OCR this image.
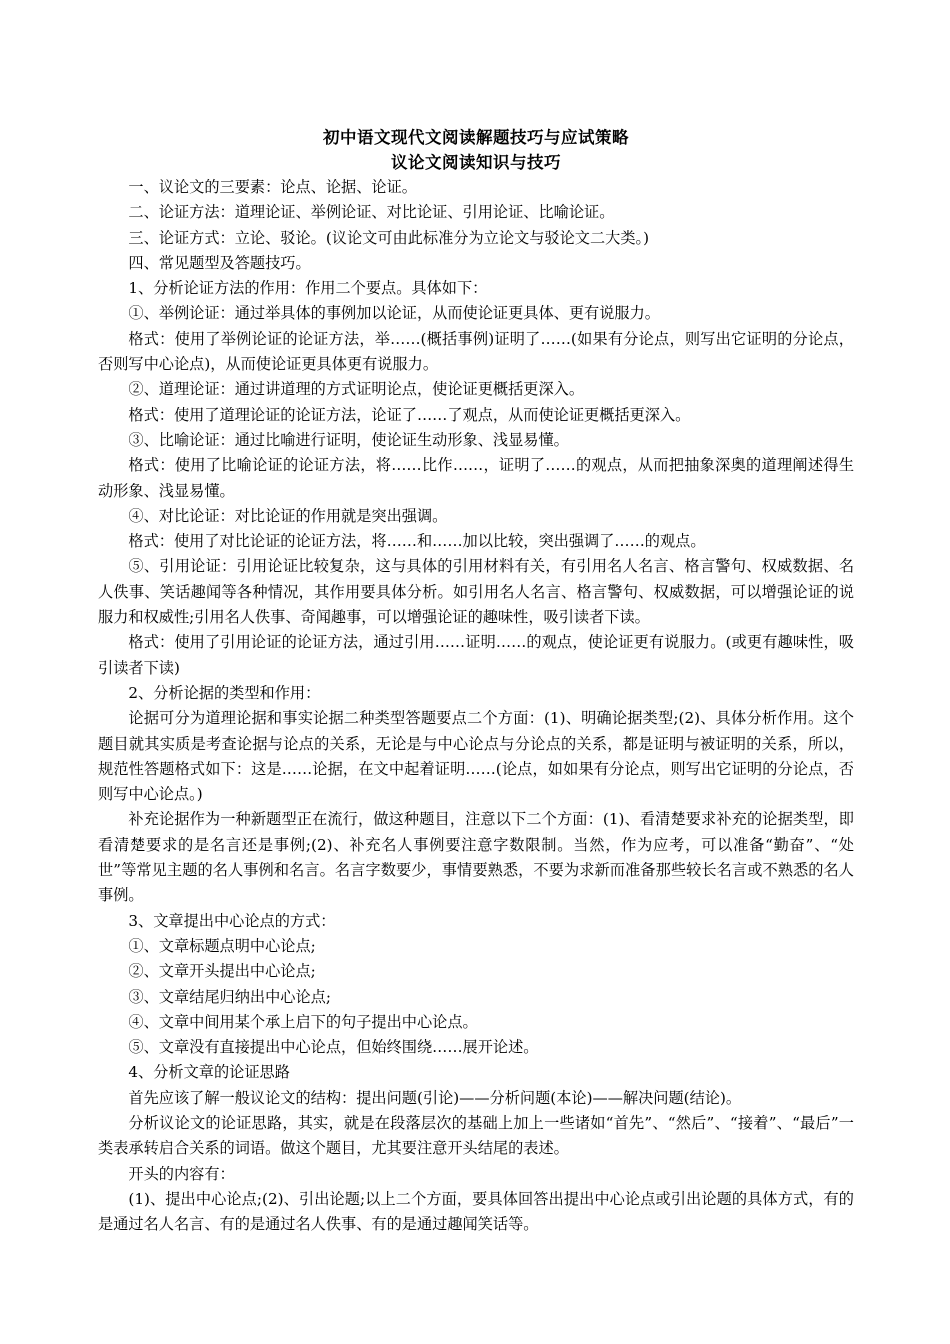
初中语文现代文阅读解题技巧与应试策略

议论文阅读知识与技巧

一、议论文的三要素：论点、论据、论证。

二、论证方法：道理论证、举例论证、对比论证、引用论证、比喻论证。

三、论证方式：立论、驳论。(议论文可由此标准分为立论文与驳论文二大类。)

四、常见题型及答题技巧。

1、分析论证方法的作用：作用二个要点。具体如下：

①、举例论证：通过举具体的事例加以论证，从而使论证更具体、更有说服力。

格式：使用了举例论证的论证方法，举……(概括事例)证明了……(如果有分论点，则写出它证明的分论点，否则写中心论点)，从而使论证更具体更有说服力。

②、道理论证：通过讲道理的方式证明论点，使论证更概括更深入。

格式：使用了道理论证的论证方法，论证了……了观点，从而使论证更概括更深入。

③、比喻论证：通过比喻进行证明，使论证生动形象、浅显易懂。

格式：使用了比喻论证的论证方法，将……比作……，证明了……的观点，从而把抽象深奥的道理阐述得生动形象、浅显易懂。

④、对比论证：对比论证的作用就是突出强调。

格式：使用了对比论证的论证方法，将……和……加以比较，突出强调了……的观点。

⑤、引用论证：引用论证比较复杂，这与具体的引用材料有关，有引用名人名言、格言警句、权威数据、名人佚事、笑话趣闻等各种情况，其作用要具体分析。如引用名人名言、格言警句、权威数据，可以增强论证的说服力和权威性;引用名人佚事、奇闻趣事，可以增强论证的趣味性，吸引读者下读。

格式：使用了引用论证的论证方法，通过引用……证明……的观点，使论证更有说服力。(或更有趣味性，吸引读者下读)

2、分析论据的类型和作用：

论据可分为道理论据和事实论据二种类型答题要点二个方面：(1)、明确论据类型;(2)、具体分析作用。这个题目就其实质是考查论据与论点的关系，无论是与中心论点与分论点的关系，都是证明与被证明的关系，所以，规范性答题格式如下：这是……论据，在文中起着证明……(论点，如如果有分论点，则写出它证明的分论点，否则写中心论点。)

补充论据作为一种新题型正在流行，做这种题目，注意以下二个方面：(1)、看清楚要求补充的论据类型，即看清楚要求的是名言还是事例;(2)、补充名人事例要注意字数限制。当然，作为应考，可以准备“勤奋”、“处世”等常见主题的名人事例和名言。名言字数要少，事情要熟悉，不要为求新而准备那些较长名言或不熟悉的名人事例。

3、文章提出中心论点的方式：

①、文章标题点明中心论点;

②、文章开头提出中心论点;

③、文章结尾归纳出中心论点;

④、文章中间用某个承上启下的句子提出中心论点。

⑤、文章没有直接提出中心论点，但始终围绕……展开论述。

4、分析文章的论证思路

首先应该了解一般议论文的结构：提出问题(引论)——分析问题(本论)——解决问题(结论)。

分析议论文的论证思路，其实，就是在段落层次的基础上加上一些诸如“首先”、“然后”、“接着”、“最后”一类表承转启合关系的词语。做这个题目，尤其要注意开头结尾的表述。

开头的内容有：

(1)、提出中心论点;(2)、引出论题;以上二个方面，要具体回答出提出中心论点或引出论题的具体方式，有的是通过名人名言、有的是通过名人佚事、有的是通过趣闻笑话等。
